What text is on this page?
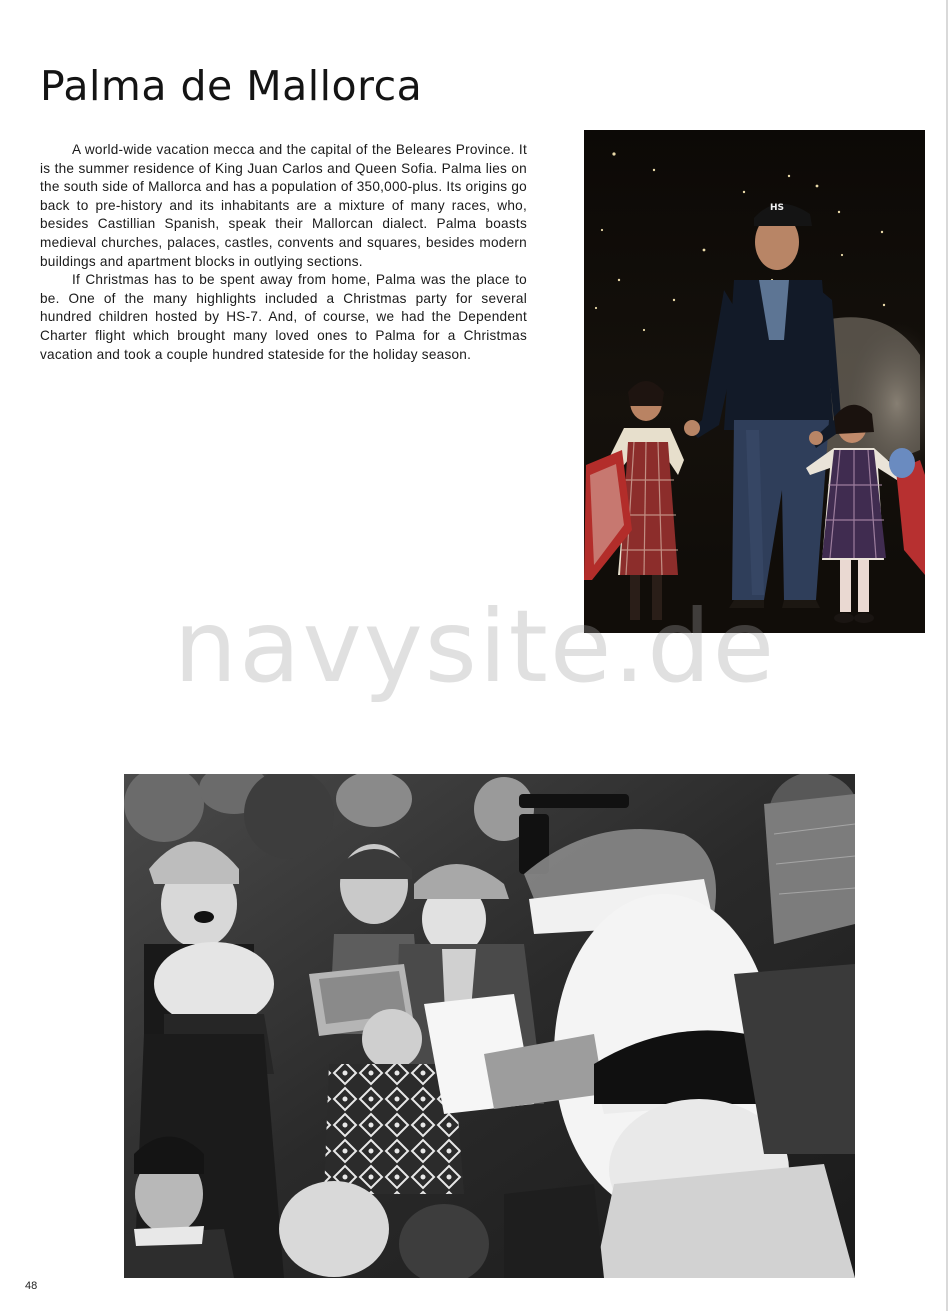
Palma de Mallorca

A world-wide vacation mecca and the capital of the Beleares Province. It is the summer residence of King Juan Carlos and Queen Sofia. Palma lies on the south side of Mallorca and has a population of 350,000-plus. Its origins go back to pre-history and its inhabitants are a mixture of many races, who, besides Castillian Spanish, speak their Mallorcan dialect. Palma boasts medieval churches, palaces, castles, convents and squares, besides modern buildings and apartment blocks in outlying sections.

If Christmas has to be spent away from home, Palma was the place to be. One of the many highlights included a Christmas party for several hundred children hosted by HS-7. And, of course, we had the Dependent Charter flight which brought many loved ones to Palma for a Christmas vacation and took a couple hundred stateside for the holiday season.

HS
navysite.de
48
